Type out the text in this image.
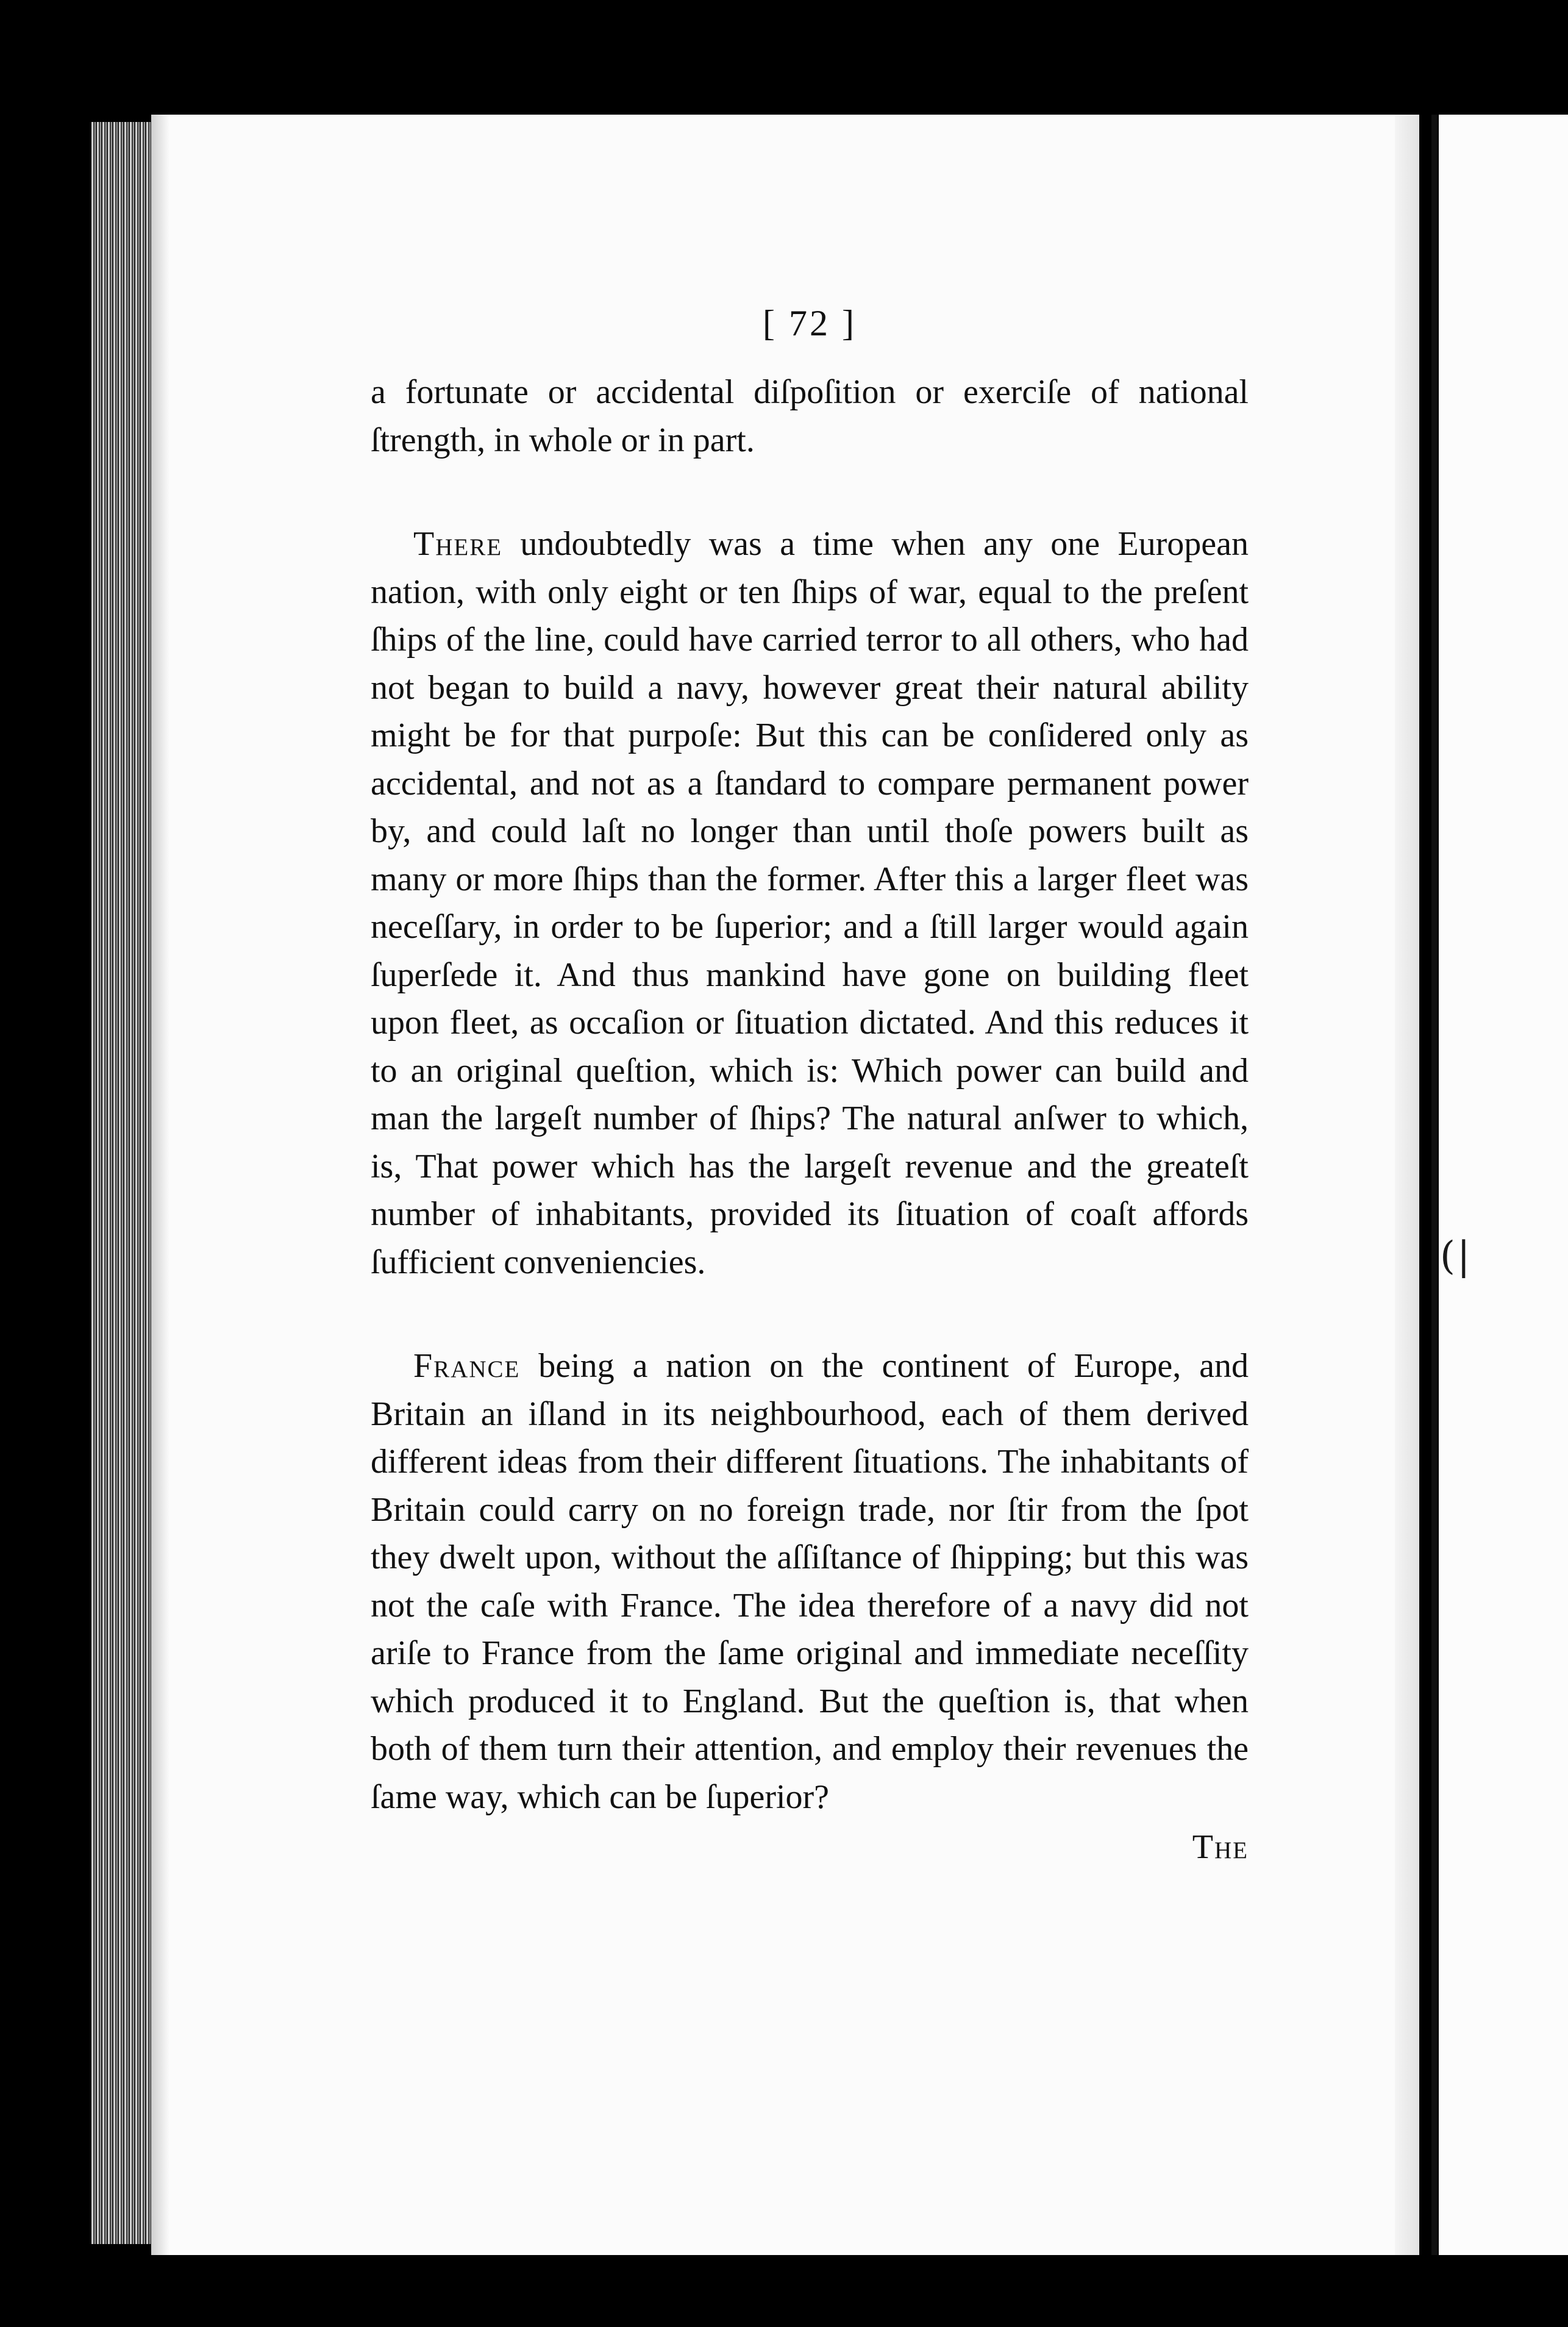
( |
[ 72 ]

a fortunate or accidental diſpoſition or exerciſe of national ſtrength, in whole or in part.

There undoubtedly was a time when any one European nation, with only eight or ten ſhips of war, equal to the preſent ſhips of the line, could have carried terror to all others, who had not began to build a navy, however great their natural ability might be for that purpoſe: But this can be conſidered only as accidental, and not as a ſtandard to compare permanent power by, and could laſt no longer than until thoſe powers built as many or more ſhips than the former. After this a larger fleet was neceſſary, in order to be ſuperior; and a ſtill larger would again ſuperſede it. And thus mankind have gone on building fleet upon fleet, as occaſion or ſituation dictated. And this reduces it to an original queſtion, which is: Which power can build and man the largeſt number of ſhips? The natural anſwer to which, is, That power which has the largeſt revenue and the greateſt number of inhabitants, provided its ſituation of coaſt affords ſufficient conveniencies.

France being a nation on the continent of Europe, and Britain an iſland in its neighbourhood, each of them derived different ideas from their different ſituations. The inhabitants of Britain could carry on no foreign trade, nor ſtir from the ſpot they dwelt upon, without the aſſiſtance of ſhipping; but this was not the caſe with France. The idea therefore of a navy did not ariſe to France from the ſame original and immediate neceſſity which produced it to England. But the queſtion is, that when both of them turn their attention, and employ their revenues the ſame way, which can be ſuperior?

The
